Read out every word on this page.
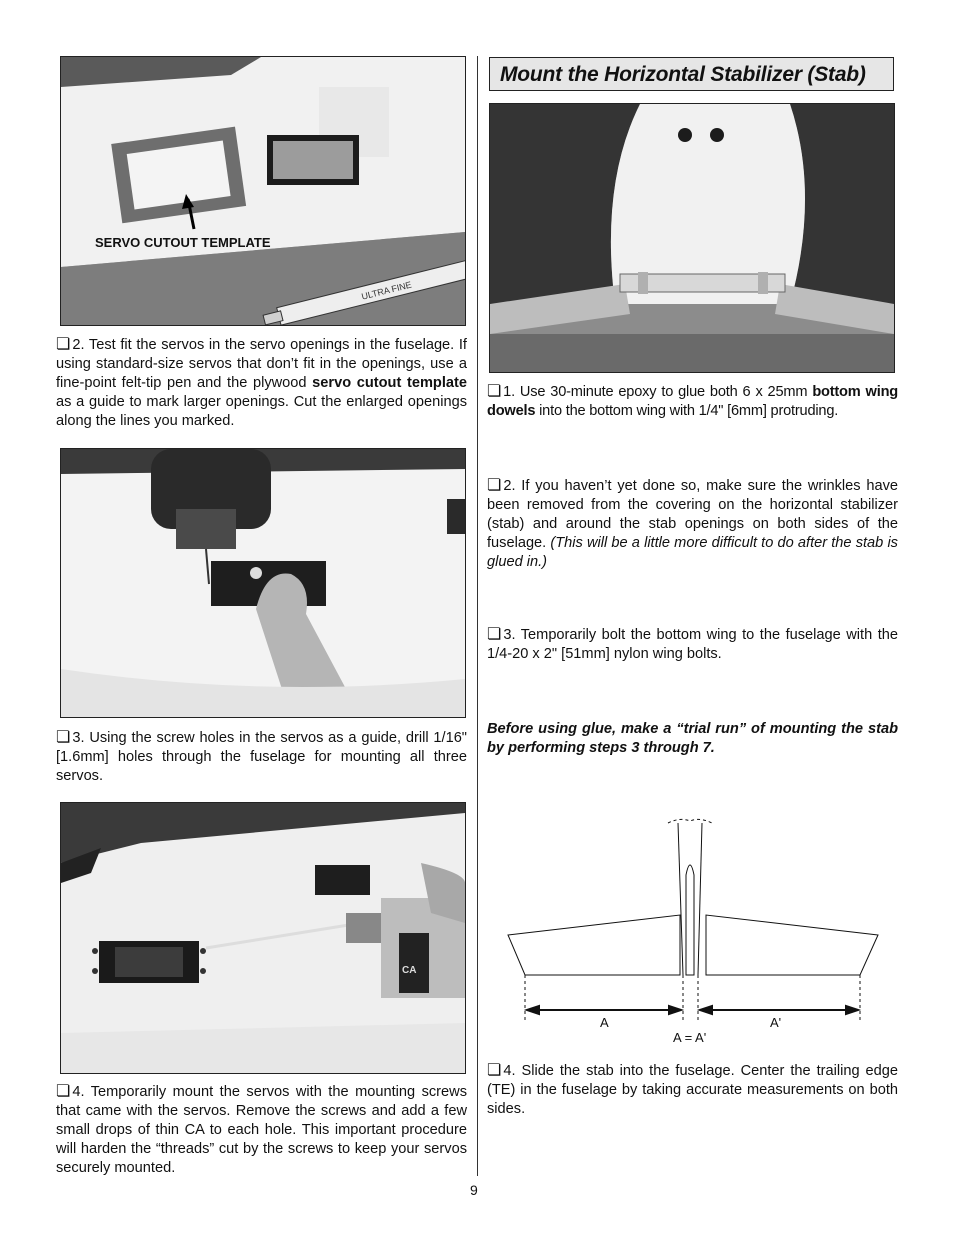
ULTRA FINE
SERVO CUTOUT TEMPLATE
❏ 2. Test fit the servos in the servo openings in the fuselage. If using standard-size servos that don’t fit in the openings, use a fine-point felt-tip pen and the plywood servo cutout template as a guide to mark larger openings. Cut the enlarged openings along the lines you marked.
❏ 3. Using the screw holes in the servos as a guide, drill 1/16" [1.6mm] holes through the fuselage for mounting all three servos.
CA
❏ 4. Temporarily mount the servos with the mounting screws that came with the servos. Remove the screws and add a few small drops of thin CA to each hole. This important procedure will harden the “threads” cut by the screws to keep your servos securely mounted.
Mount the Horizontal Stabilizer (Stab)
❏ 1. Use 30-minute epoxy to glue both 6 x 25mm bottom wing dowels into the bottom wing with 1/4" [6mm] protruding.
❏ 2. If you haven’t yet done so, make sure the wrinkles have been removed from the covering on the horizontal stabilizer (stab) and around the stab openings on both sides of the fuselage. (This will be a little more difficult to do after the stab is glued in.)
❏ 3. Temporarily bolt the bottom wing to the fuselage with the 1/4-20 x 2" [51mm] nylon wing bolts.
Before using glue, make a “trial run” of mounting the stab by performing steps 3 through 7.
A	A'
A = A'
❏ 4. Slide the stab into the fuselage. Center the trailing edge (TE) in the fuselage by taking accurate measurements on both sides.
9
